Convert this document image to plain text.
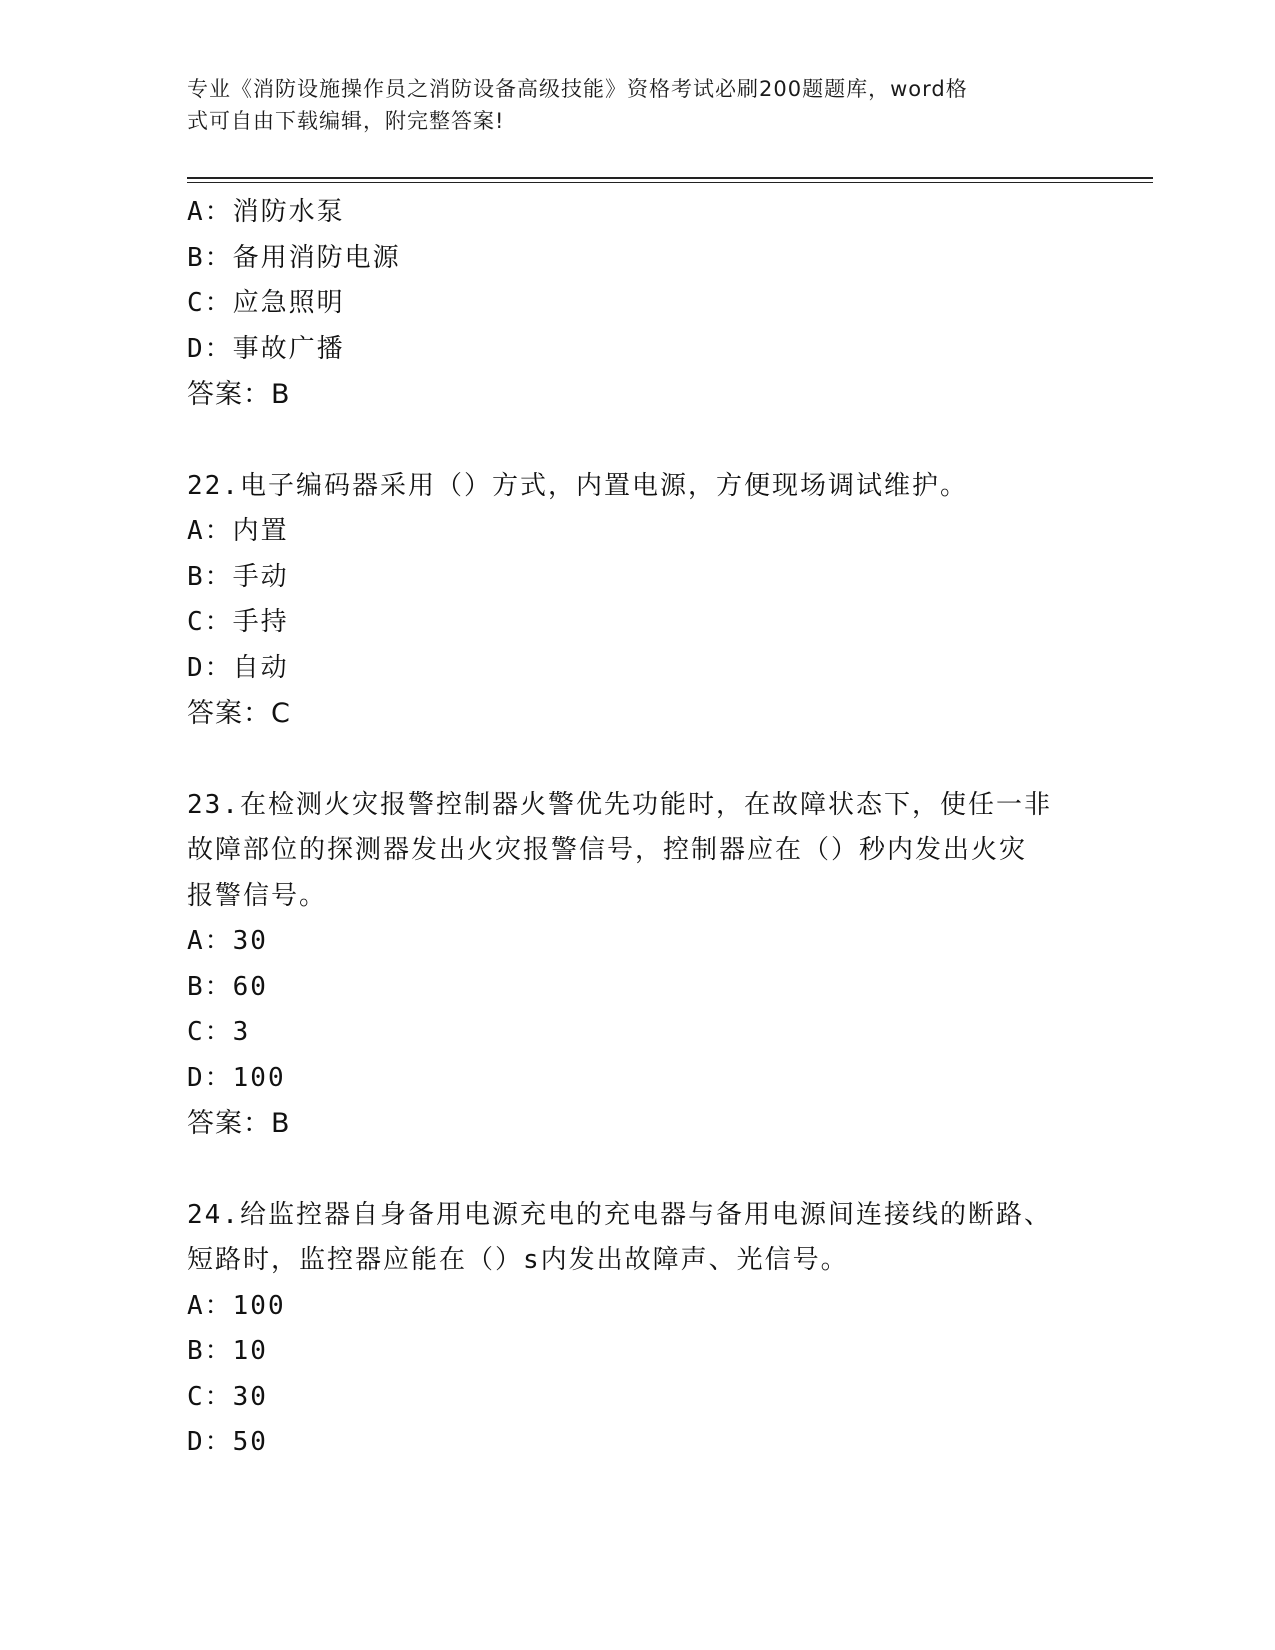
专业《消防设施操作员之消防设备高级技能》资格考试必刷200题题库，word格
式可自由下载编辑，附完整答案!
A：消防水泵
B：备用消防电源
C：应急照明
D：事故广播
答案：B
22.电子编码器采用（）方式，内置电源，方便现场调试维护。
A：内置
B：手动
C：手持
D：自动
答案：C
23.在检测火灾报警控制器火警优先功能时，在故障状态下，使任一非
故障部位的探测器发出火灾报警信号，控制器应在（）秒内发出火灾
报警信号。
A：30
B：60
C：3
D：100
答案：B
24.给监控器自身备用电源充电的充电器与备用电源间连接线的断路、
短路时，监控器应能在（）s内发出故障声、光信号。
A：100
B：10
C：30
D：50
